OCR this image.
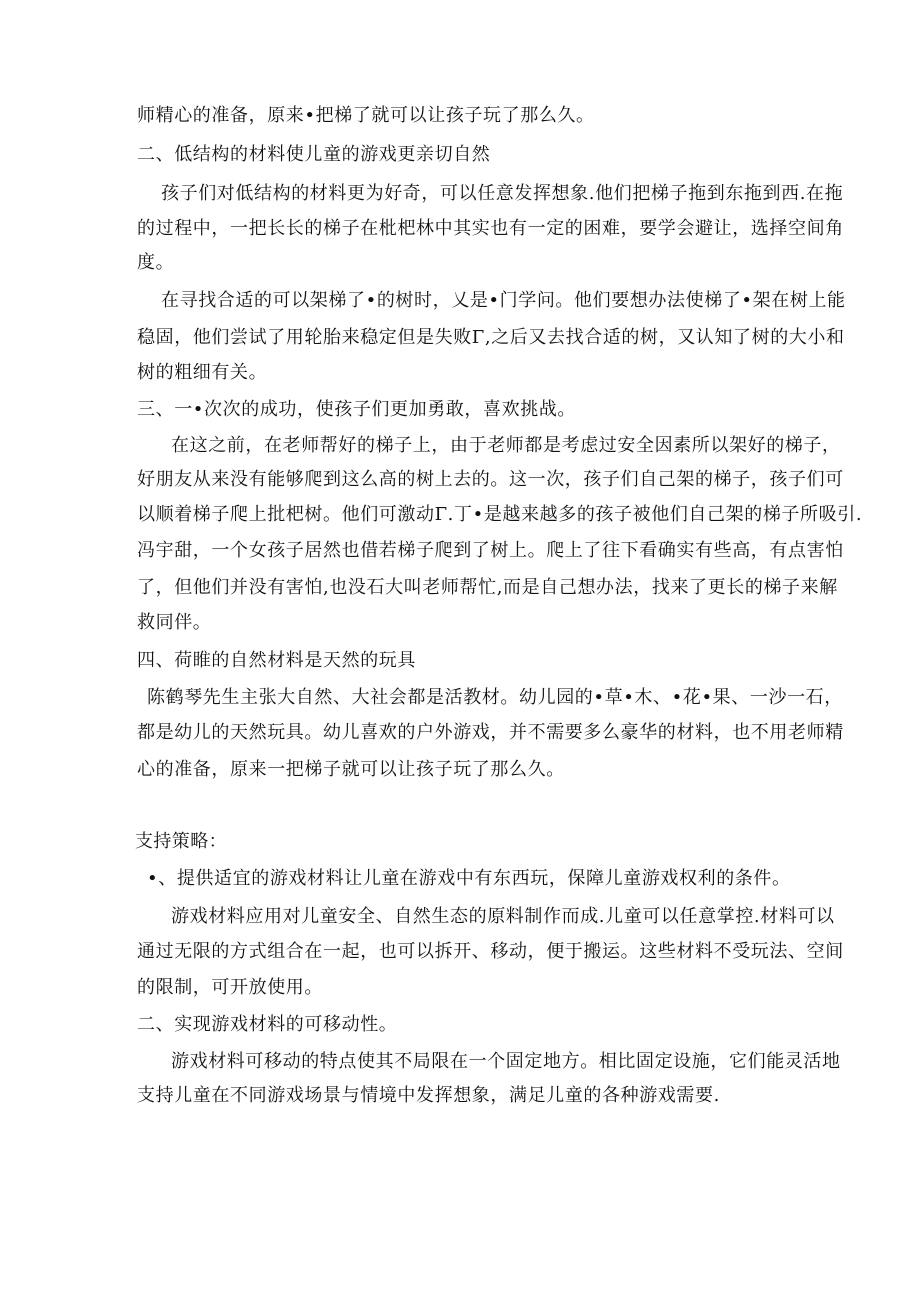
师精心的准备，原来•把梯了就可以让孩子玩了那么久。
二、低结构的材料使儿童的游戏更亲切自然
孩子们对低结构的材料更为好奇，可以任意发挥想象.他们把梯子拖到东拖到西.在拖
的过程中，一把长长的梯子在枇杷林中其实也有一定的困难，要学会避让，选择空间角
度。
在寻找合适的可以架梯了•的树时，乂是•门学问。他们要想办法使梯了•架在树上能
稳固，他们尝试了用轮胎来稳定但是失败Γ,之后又去找合适的树，又认知了树的大小和
树的粗细有关。
三、一•次次的成功，使孩子们更加勇敢，喜欢挑战。
在这之前，在老师帮好的梯子上，由于老师都是考虑过安全因素所以架好的梯子，
好朋友从来没有能够爬到这么高的树上去的。这一次，孩子们自己架的梯子，孩子们可
以顺着梯子爬上批杷树。他们可激动Γ.丁•是越来越多的孩子被他们自己架的梯子所吸引.
冯宇甜，一个女孩子居然也借若梯子爬到了树上。爬上了往下看确实有些高，有点害怕
了，但他们并没有害怕,也没石大叫老师帮忙,而是自己想办法，找来了更长的梯子来解
救同伴。
四、荷睢的自然材料是天然的玩具
陈鹤琴先生主张大自然、大社会都是活教材。幼儿园的•草•木、•花•果、一沙一石，
都是幼儿的天然玩具。幼儿喜欢的户外游戏，并不需要多么豪华的材料，也不用老师精
心的准备，原来一把梯子就可以让孩子玩了那么久。
支持策略：
•、提供适宜的游戏材料让儿童在游戏中有东西玩，保障儿童游戏权利的条件。
游戏材料应用对儿童安全、自然生态的原料制作而成.儿童可以任意掌控.材料可以
通过无限的方式组合在一起，也可以拆开、移动，便于搬运。这些材料不受玩法、空间
的限制，可开放使用。
二、实现游戏材料的可移动性。
游戏材料可移动的特点使其不局限在一个固定地方。相比固定设施，它们能灵活地
支持儿童在不同游戏场景与情境中发挥想象，满足儿童的各种游戏需要.
